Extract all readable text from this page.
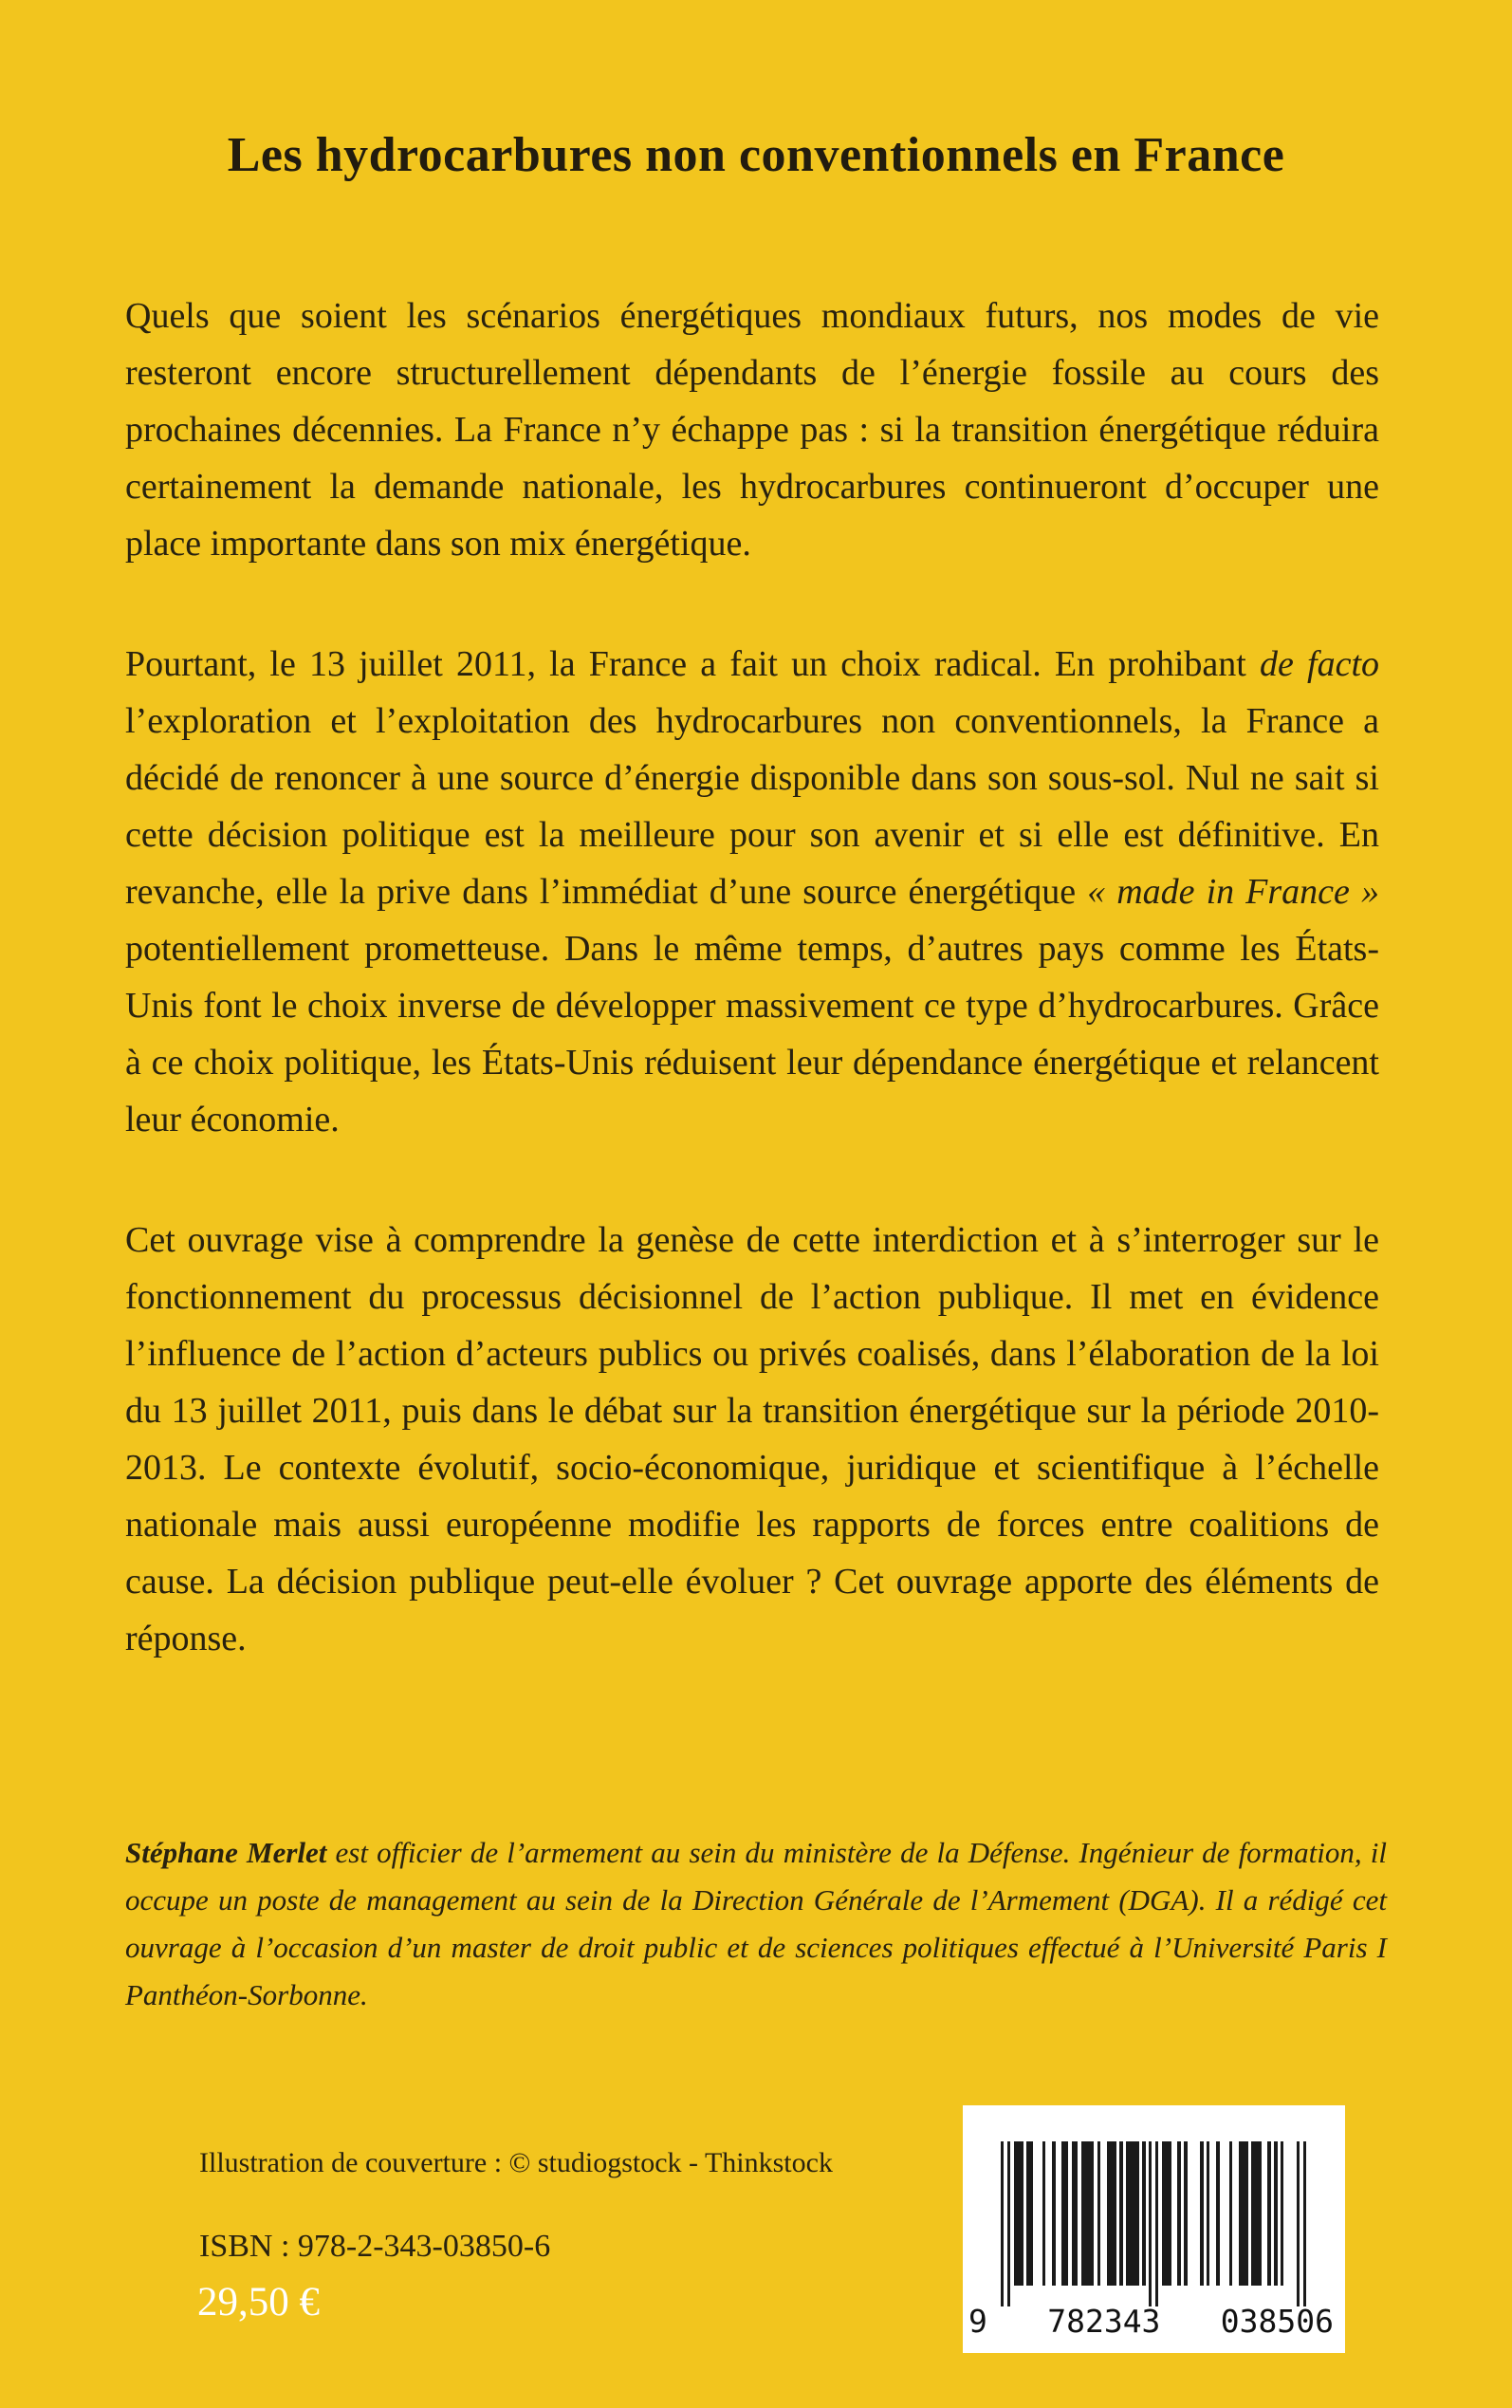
Les hydrocarbures non conventionnels en France

Quels que soient les scénarios énergétiques mondiaux futurs, nos modes de vie resteront encore structurellement dépendants de l’énergie fossile au cours des prochaines décennies. La France n’y échappe pas : si la transition énergétique réduira certainement la demande nationale, les hydrocarbures continueront d’occuper une place importante dans son mix énergétique.

Pourtant, le 13 juillet 2011, la France a fait un choix radical. En prohibant de facto l’exploration et l’exploitation des hydrocarbures non conventionnels, la France a décidé de renoncer à une source d’énergie disponible dans son sous-sol. Nul ne sait si cette décision politique est la meilleure pour son avenir et si elle est définitive. En revanche, elle la prive dans l’immédiat d’une source énergétique « made in France » potentiellement prometteuse. Dans le même temps, d’autres pays comme les États-Unis font le choix inverse de développer massivement ce type d’hydrocarbures. Grâce à ce choix politique, les États-Unis réduisent leur dépendance énergétique et relancent leur économie.

Cet ouvrage vise à comprendre la genèse de cette interdiction et à s’interroger sur le fonctionnement du processus décisionnel de l’action publique. Il met en évidence l’influence de l’action d’acteurs publics ou privés coalisés, dans l’élaboration de la loi du 13 juillet 2011, puis dans le débat sur la transition énergétique sur la période 2010-2013. Le contexte évolutif, socio-économique, juridique et scientifique à l’échelle nationale mais aussi européenne modifie les rapports de forces entre coalitions de cause. La décision publique peut-elle évoluer ? Cet ouvrage apporte des éléments de réponse.

Stéphane Merlet est officier de l’armement au sein du ministère de la Défense. Ingénieur de formation, il occupe un poste de management au sein de la Direction Générale de l’Armement (DGA). Il a rédigé cet ouvrage à l’occasion d’un master de droit public et de sciences politiques effectué à l’Université Paris I Panthéon-Sorbonne.
Illustration de couverture : © studiogstock - Thinkstock
ISBN : 978-2-343-03850-6
29,50 €	9 782343 038506
